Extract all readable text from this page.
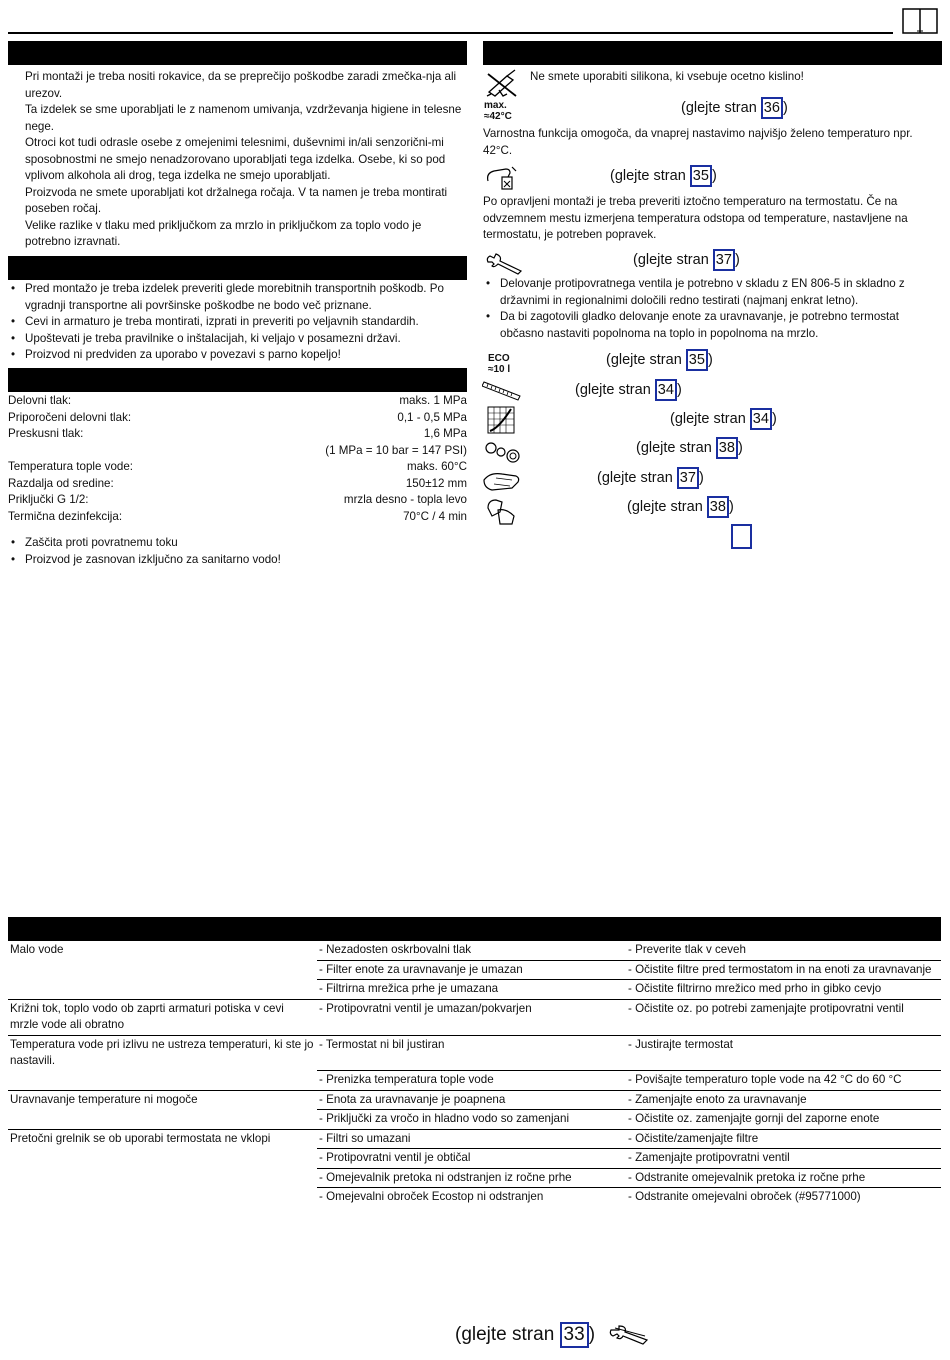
Pri montaži je treba nositi rokavice, da se preprečijo poškodbe zaradi zmečka-nja ali urezov.

Ta izdelek se sme uporabljati le z namenom umivanja, vzdrževanja higiene in telesne nege.

Otroci kot tudi odrasle osebe z omejenimi telesnimi, duševnimi in/ali senzorični-mi sposobnostmi ne smejo nenadzorovano uporabljati tega izdelka. Osebe, ki so pod vplivom alkohola ali drog, tega izdelka ne smejo uporabljati.

Proizvoda ne smete uporabljati kot držalnega ročaja. V ta namen je treba montirati poseben ročaj.

Velike razlike v tlaku med priključkom za mrzlo in priključkom za toplo vodo je potrebno izravnati.

• Pred montažo je treba izdelek preveriti glede morebitnih transportnih poškodb. Po vgradnji transportne ali površinske poškodbe ne bodo več priznane.
• Cevi in armaturo je treba montirati, izprati in preveriti po veljavnih standardih.
• Upoštevati je treba pravilnike o inštalacijah, ki veljajo v posamezni državi.
• Proizvod ni predviden za uporabo v povezavi s parno kopeljo!
Delovni tlak:	maks. 1 MPa
Priporočeni delovni tlak:	0,1 - 0,5 MPa
Preskusni tlak:	1,6 MPa
(1 MPa = 10 bar = 147 PSI)
Temperatura tople vode:	maks. 60°C
Razdalja od sredine:	150±12 mm
Priključki G 1/2:	mrzla desno - topla levo
Termična dezinfekcija:	70°C / 4 min
• Zaščita proti povratnemu toku
• Proizvod je zasnovan izključno za sanitarno vodo!
Ne smete uporabiti silikona, ki vsebuje ocetno kislino!
max.
≈42°C
(glejte stran 36 )
Varnostna funkcija omogoča, da vnaprej nastavimo najvišjo želeno temperaturo npr. 42°C.
(glejte stran 35 )
Po opravljeni montaži je treba preveriti iztočno temperaturo na termostatu. Če na odvzemnem mestu izmerjena temperatura odstopa od temperature, nastavljene na termostatu, je potreben popravek.
(glejte stran 37 )
• Delovanje protipovratnega ventila je potrebno v skladu z EN 806-5 in skladno z državnimi in regionalnimi določili redno testirati (najmanj enkrat letno).
• Da bi zagotovili gladko delovanje enote za uravnavanje, je potrebno termostat občasno nastaviti popolnoma na toplo in popolnoma na mrzlo.
ECO
≈10 l
(glejte stran 35 )
(glejte stran 34 )
(glejte stran 34 )
(glejte stran 38 )
(glejte stran 37 )
(glejte stran 38 )
Malo vode	- Nezadosten oskrbovalni tlak	- Preverite tlak v ceveh
	- Filter enote za uravnavanje je umazan	- Očistite filtre pred termostatom in na enoti za uravnavanje
	- Filtrirna mrežica prhe je umazana	- Očistite filtrirno mrežico med prho in gibko cevjo
Križni tok, toplo vodo ob zaprti armaturi potiska v cevi mrzle vode ali obratno	- Protipovratni ventil je umazan/pokvarjen	- Očistite oz. po potrebi zamenjajte protipovratni ventil
Temperatura vode pri izlivu ne ustreza temperaturi, ki ste jo nastavili.	- Termostat ni bil justiran	- Justirajte termostat
	- Prenizka temperatura tople vode	- Povišajte temperaturo tople vode na 42 °C do 60 °C
Uravnavanje temperature ni mogoče	- Enota za uravnavanje je poapnena	- Zamenjajte enoto za uravnavanje
	- Priključki za vročo in hladno vodo so zamenjani	- Očistite oz. zamenjajte gornji del zaporne enote
Pretočni grelnik se ob uporabi termostata ne vklopi	- Filtri so umazani	- Očistite/zamenjajte filtre
	- Protipovratni ventil je obtičal	- Zamenjajte protipovratni ventil
	- Omejevalnik pretoka ni odstranjen iz ročne prhe	- Odstranite omejevalnik pretoka iz ročne prhe
	- Omejevalni obroček Ecostop ni odstranjen	- Odstranite omejevalni obroček (#95771000)
(glejte stran 33 )
